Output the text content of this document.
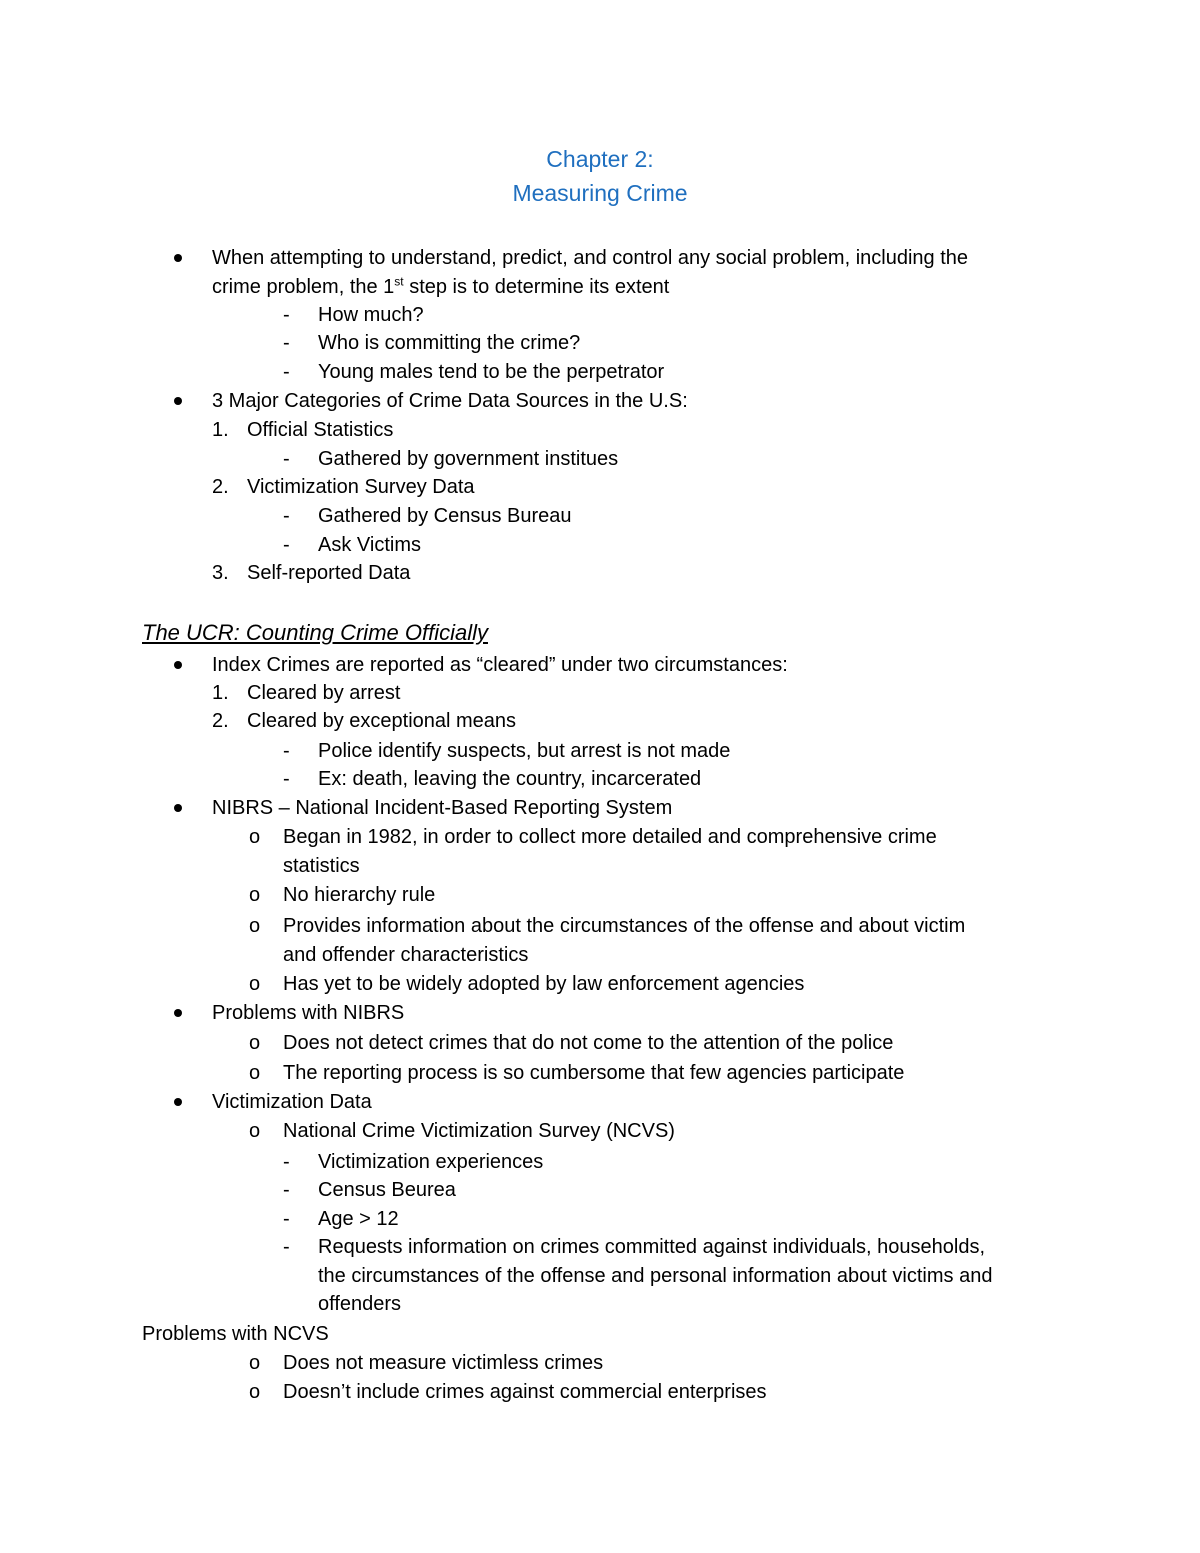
Chapter 2:
Measuring Crime
When attempting to understand, predict, and control any social problem, including the
crime problem, the 1st step is to determine its extent
- How much?
- Who is committing the crime?
- Young males tend to be the perpetrator
3 Major Categories of Crime Data Sources in the U.S:
1. Official Statistics
- Gathered by government institues
2. Victimization Survey Data
- Gathered by Census Bureau
- Ask Victims
3. Self-reported Data
The UCR: Counting Crime Officially
Index Crimes are reported as “cleared” under two circumstances:
1. Cleared by arrest
2. Cleared by exceptional means
- Police identify suspects, but arrest is not made
- Ex: death, leaving the country, incarcerated
NIBRS – National Incident-Based Reporting System
o Began in 1982, in order to collect more detailed and comprehensive crime
statistics
o No hierarchy rule
o Provides information about the circumstances of the offense and about victim
and offender characteristics
o Has yet to be widely adopted by law enforcement agencies
Problems with NIBRS
o Does not detect crimes that do not come to the attention of the police
o The reporting process is so cumbersome that few agencies participate
Victimization Data
o National Crime Victimization Survey (NCVS)
- Victimization experiences
- Census Beurea
- Age > 12
- Requests information on crimes committed against individuals, households,
the circumstances of the offense and personal information about victims and
offenders
Problems with NCVS
o Does not measure victimless crimes
o Doesn’t include crimes against commercial enterprises
